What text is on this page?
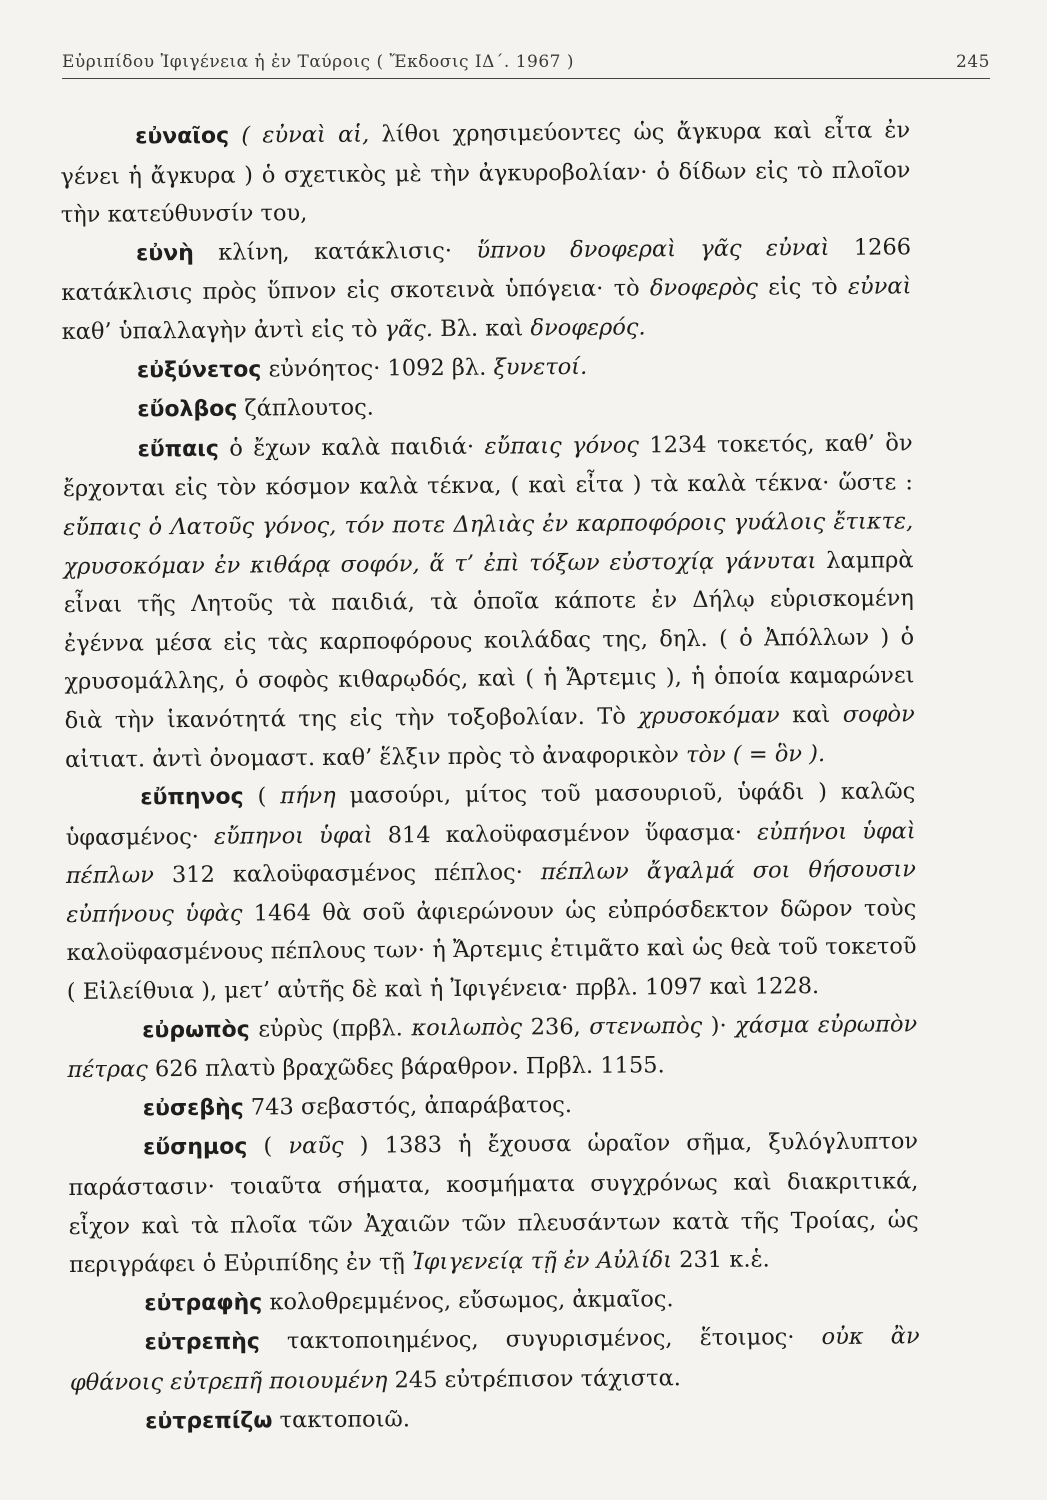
Εὐριπίδου Ἰφιγένεια ἡ ἐν Ταύροις ( Ἔκδοσις ΙΔ΄. 1967 )	245

εὐναῖος ( εὐναὶ αἱ, λίθοι χρησιμεύοντες ὡς ἄγκυρα καὶ εἶτα ἐν γένει ἡ ἄγκυρα ) ὁ σχετικὸς μὲ τὴν ἀγκυροβολίαν· ὁ δίδων εἰς τὸ πλοῖον τὴν κατεύθυνσίν του,

εὐνὴ κλίνη, κατάκλισις· ὕπνου δνοφεραὶ γᾶς εὐναὶ 1266 κατάκλισις πρὸς ὕπνον εἰς σκοτεινὰ ὑπόγεια· τὸ δνοφερὸς εἰς τὸ εὐναὶ καθ’ ὑπαλλαγὴν ἀντὶ εἰς τὸ γᾶς. Βλ. καὶ δνοφερός.

εὐξύνετος εὐνόητος· 1092 βλ. ξυνετοί.

εὔολβος ζάπλουτος.

εὔπαις ὁ ἔχων καλὰ παιδιά· εὔπαις γόνος 1234 τοκετός, καθ’ ὃν ἔρχονται εἰς τὸν κόσμον καλὰ τέκνα, ( καὶ εἶτα ) τὰ καλὰ τέκνα· ὥστε : εὔπαις ὁ Λατοῦς γόνος, τόν ποτε Δηλιὰς ἐν καρποφόροις γυάλοις ἔτικτε, χρυσοκόμαν ἐν κιθάρᾳ σοφόν, ἅ τ’ ἐπὶ τόξων εὐστοχίᾳ γάνυται λαμπρὰ εἶναι τῆς Λητοῦς τὰ παιδιά, τὰ ὁποῖα κάποτε ἐν Δήλῳ εὑρισκομένη ἐγέννα μέσα εἰς τὰς καρποφόρους κοιλάδας της, δηλ. ( ὁ Ἀπόλλων ) ὁ χρυσομάλλης, ὁ σοφὸς κιθαρῳδός, καὶ ( ἡ Ἄρτεμις ), ἡ ὁποία καμαρώνει διὰ τὴν ἱκανότητά της εἰς τὴν τοξοβολίαν. Τὸ χρυσοκόμαν καὶ σοφὸν αἰτιατ. ἀντὶ ὀνομαστ. καθ’ ἕλξιν πρὸς τὸ ἀναφορικὸν τὸν ( = ὃν ).

εὔπηνος ( πήνη μασούρι, μίτος τοῦ μασουριοῦ, ὑφάδι ) καλῶς ὑφασμένος· εὔπηνοι ὑφαὶ 814 καλοϋφασμένον ὕφασμα· εὐπήνοι ὑφαὶ πέπλων 312 καλοϋφασμένος πέπλος· πέπλων ἄγαλμά σοι θήσουσιν εὐπήνους ὑφὰς 1464 θὰ σοῦ ἀφιερώνουν ὡς εὐπρόσδεκτον δῶρον τοὺς καλοϋφασμένους πέπλους των· ἡ Ἄρτεμις ἐτιμᾶτο καὶ ὡς θεὰ τοῦ τοκετοῦ ( Εἰλείθυια ), μετ’ αὐτῆς δὲ καὶ ἡ Ἰφιγένεια· πρβλ. 1097 καὶ 1228.

εὐρωπὸς εὐρὺς (πρβλ. κοιλωπὸς 236, στενωπὸς )· χάσμα εὐρωπὸν πέτρας 626 πλατὺ βραχῶδες βάραθρον. Πρβλ. 1155.

εὐσεβὴς 743 σεβαστός, ἀπαράβατος.

εὔσημος ( ναῦς ) 1383 ἡ ἔχουσα ὡραῖον σῆμα, ξυλόγλυπτον παράστασιν· τοιαῦτα σήματα, κοσμήματα συγχρόνως καὶ διακριτικά, εἶχον καὶ τὰ πλοῖα τῶν Ἀχαιῶν τῶν πλευσάντων κατὰ τῆς Τροίας, ὡς περιγράφει ὁ Εὐριπίδης ἐν τῇ Ἰφιγενείᾳ τῇ ἐν Αὐλίδι 231 κ.ἑ.

εὐτραφὴς κολοθρεμμένος, εὔσωμος, ἀκμαῖος.

εὐτρεπὴς τακτοποιημένος, συγυρισμένος, ἕτοιμος· οὐκ ἂν φθάνοις εὐτρεπῆ ποιουμένη 245 εὐτρέπισον τάχιστα.

εὐτρεπίζω τακτοποιῶ.
